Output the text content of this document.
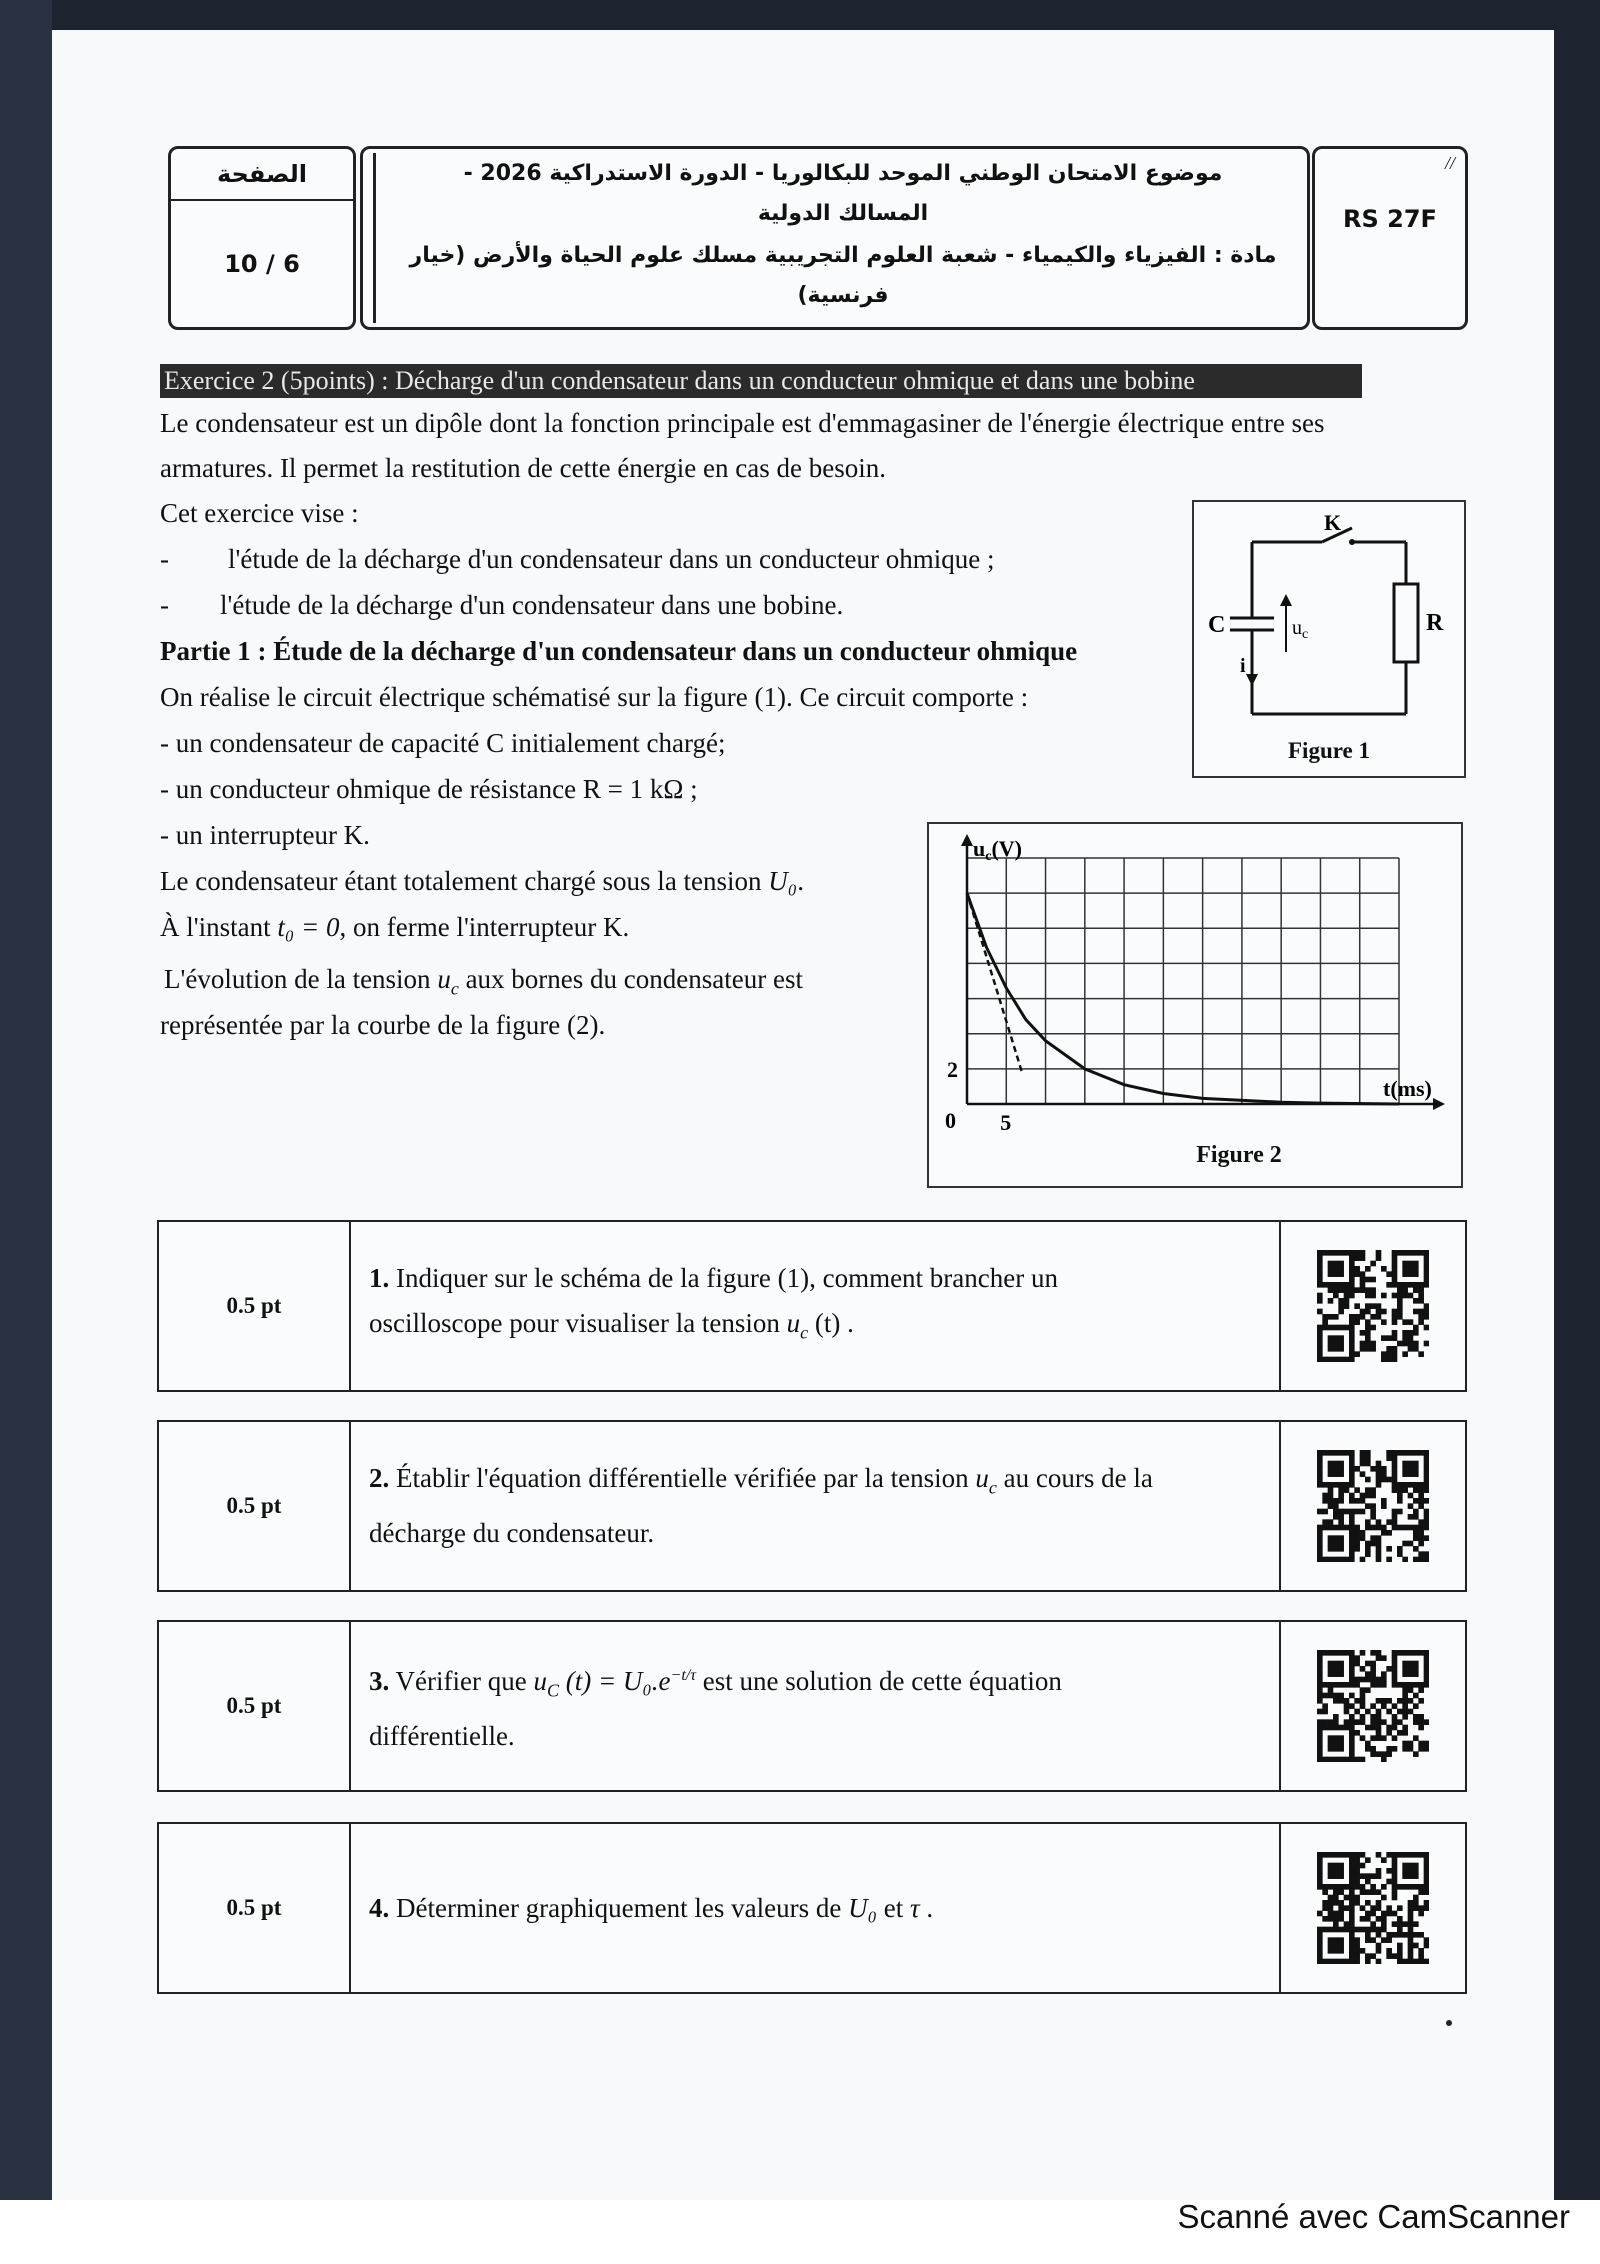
الصفحة
10 / 6
موضوع الامتحان الوطني الموحد للبكالوريا - الدورة الاستدراكية 2026 -
المسالك الدولية
مادة : الفيزياء والكيمياء - شعبة العلوم التجريبية مسلك علوم الحياة والأرض (خيار
فرنسية)
//
RS 27F
Exercice 2 (5points) : Décharge d'un condensateur dans un conducteur ohmique et dans une bobine
Le condensateur est un dipôle dont la fonction principale est d'emmagasiner de l'énergie électrique entre ses
armatures. Il permet la restitution de cette énergie en cas de besoin.
Cet exercice vise :
- l'étude de la décharge d'un condensateur dans un conducteur ohmique ;
- l'étude de la décharge d'un condensateur dans une bobine.
Partie 1 : Étude de la décharge d'un condensateur dans un conducteur ohmique
On réalise le circuit électrique schématisé sur la figure (1). Ce circuit comporte :
- un condensateur de capacité C initialement chargé;
- un conducteur ohmique de résistance R = 1 kΩ ;
- un interrupteur K.
Le condensateur étant totalement chargé sous la tension U₀.
À l'instant t₀ = 0, on ferme l'interrupteur K.
L'évolution de la tension $u_c$ aux bornes du condensateur est
représentée par la courbe de la figure (2).
K
C	R
$u_c$
i
Figure 1
uc(V)
t(ms)
5
2
0
Figure 2
0.5 pt
1. Indiquer sur le schéma de la figure (1), comment brancher un
oscilloscope pour visualiser la tension $u_c$ (t) .
0.5 pt
2. Établir l'équation différentielle vérifiée par la tension $u_c$ au cours de la
décharge du condensateur.
0.5 pt
3. Vérifier que $u_C$ $(t) = U_0.e^{-t/\tau}$ est une solution de cette équation
différentielle.
0.5 pt	4. Déterminer graphiquement les valeurs de U₀ et τ .
Scanné avec CamScanner
